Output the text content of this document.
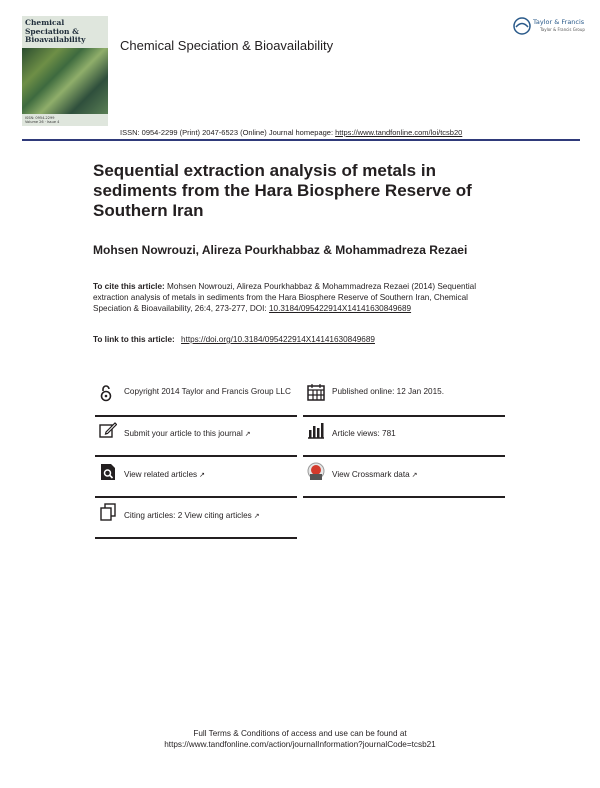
Chemical Speciation & Bioavailability
ISSN: 0954-2299
Volume 26 · Issue 4
Chemical Speciation & Bioavailability
Taylor & Francis
Taylor & Francis Group
ISSN: 0954-2299 (Print) 2047-6523 (Online) Journal homepage: https://www.tandfonline.com/loi/tcsb20
Sequential extraction analysis of metals in sediments from the Hara Biosphere Reserve of Southern Iran
Mohsen Nowrouzi, Alireza Pourkhabbaz & Mohammadreza Rezaei
To cite this article: Mohsen Nowrouzi, Alireza Pourkhabbaz & Mohammadreza Rezaei (2014) Sequential extraction analysis of metals in sediments from the Hara Biosphere Reserve of Southern Iran, Chemical Speciation & Bioavailability, 26:4, 273-277, DOI: 10.3184/095422914X14141630849689
To link to this article: https://doi.org/10.3184/095422914X14141630849689
Copyright 2014 Taylor and Francis Group LLC
Submit your article to this journal ↗
View related articles ↗
Citing articles: 2 View citing articles ↗
Published online: 12 Jan 2015.
Article views: 781
View Crossmark data ↗
Full Terms & Conditions of access and use can be found at
https://www.tandfonline.com/action/journalInformation?journalCode=tcsb21
